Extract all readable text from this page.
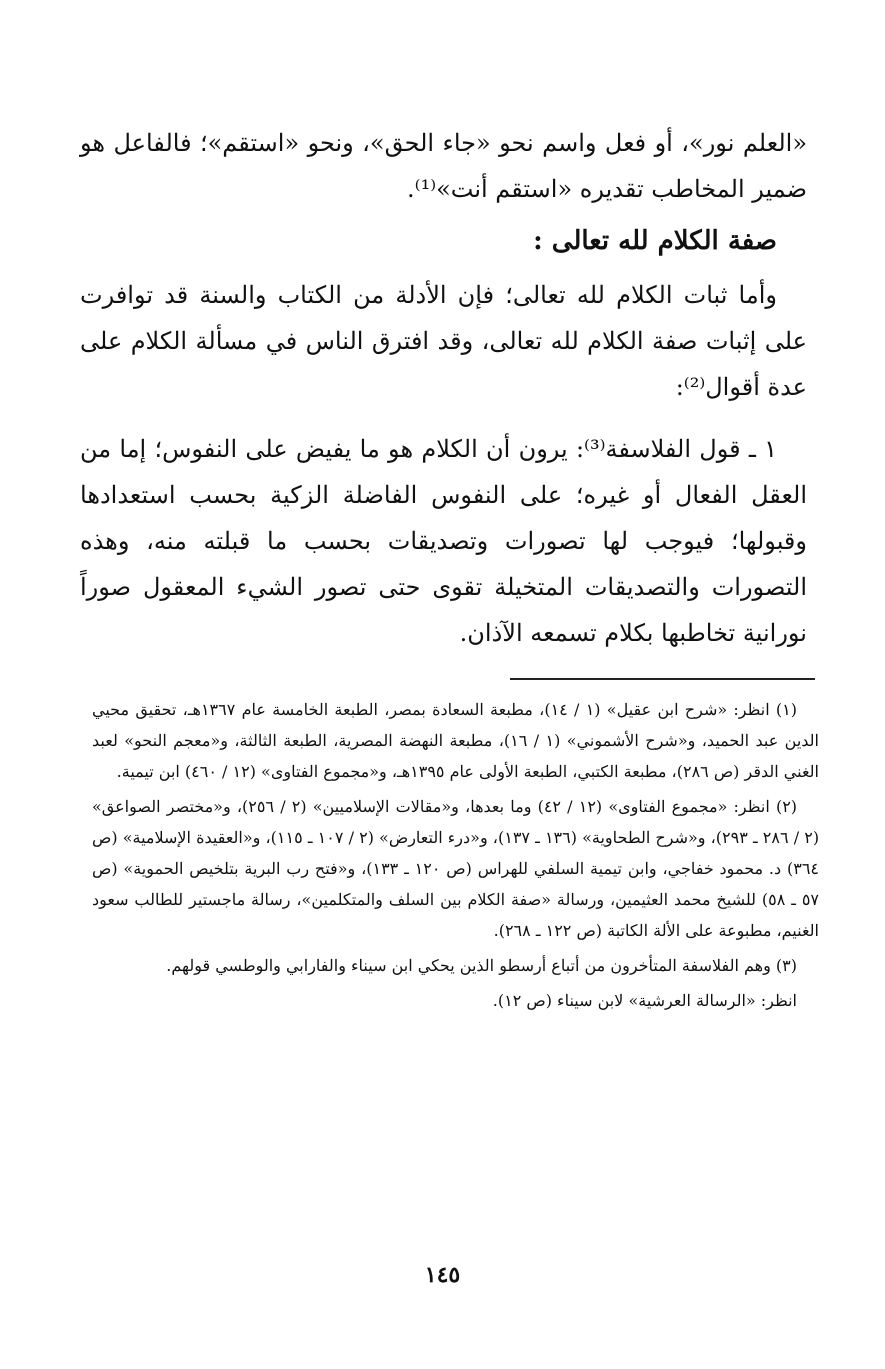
«العلم نور»، أو فعل واسم نحو «جاء الحق»، ونحو «استقم»؛ فالفاعل هو ضمير المخاطب تقديره «استقم أنت»⁽¹⁾.

صفة الكلام لله تعالى :

وأما ثبات الكلام لله تعالى؛ فإن الأدلة من الكتاب والسنة قد توافرت على إثبات صفة الكلام لله تعالى، وقد افترق الناس في مسألة الكلام على عدة أقوال⁽²⁾:

١ ـ قول الفلاسفة⁽³⁾: يرون أن الكلام هو ما يفيض على النفوس؛ إما من العقل الفعال أو غيره؛ على النفوس الفاضلة الزكية بحسب استعدادها وقبولها؛ فيوجب لها تصورات وتصديقات بحسب ما قبلته منه، وهذه التصورات والتصديقات المتخيلة تقوى حتى تصور الشيء المعقول صوراً نورانية تخاطبها بكلام تسمعه الآذان.

(١) انظر: «شرح ابن عقيل» (١ / ١٤)، مطبعة السعادة بمصر، الطبعة الخامسة عام ١٣٦٧هـ، تحقيق محيي الدين عبد الحميد، و«شرح الأشموني» (١ / ١٦)، مطبعة النهضة المصرية، الطبعة الثالثة، و«معجم النحو» لعبد الغني الدقر (ص ٢٨٦)، مطبعة الكتبي، الطبعة الأولى عام ١٣٩٥هـ، و«مجموع الفتاوى» (١٢ / ٤٦٠) ابن تيمية.

(٢) انظر: «مجموع الفتاوى» (١٢ / ٤٢) وما بعدها، و«مقالات الإسلاميين» (٢ / ٢٥٦)، و«مختصر الصواعق» (٢ / ٢٨٦ ـ ٢٩٣)، و«شرح الطحاوية» (١٣٦ ـ ١٣٧)، و«درء التعارض» (٢ / ١٠٧ ـ ١١٥)، و«العقيدة الإسلامية» (ص ٣٦٤) د. محمود خفاجي، وابن تيمية السلفي للهراس (ص ١٢٠ ـ ١٣٣)، و«فتح رب البرية بتلخيص الحموية» (ص ٥٧ ـ ٥٨) للشيخ محمد العثيمين، ورسالة «صفة الكلام بين السلف والمتكلمين»، رسالة ماجستير للطالب سعود الغنيم، مطبوعة على الألة الكاتبة (ص ١٢٢ ـ ٢٦٨).

(٣) وهم الفلاسفة المتأخرون من أتباع أرسطو الذين يحكي ابن سيناء والفارابي والوطسي قولهم.

انظر: «الرسالة العرشية» لابن سيناء (ص ١٢).

١٤٥
